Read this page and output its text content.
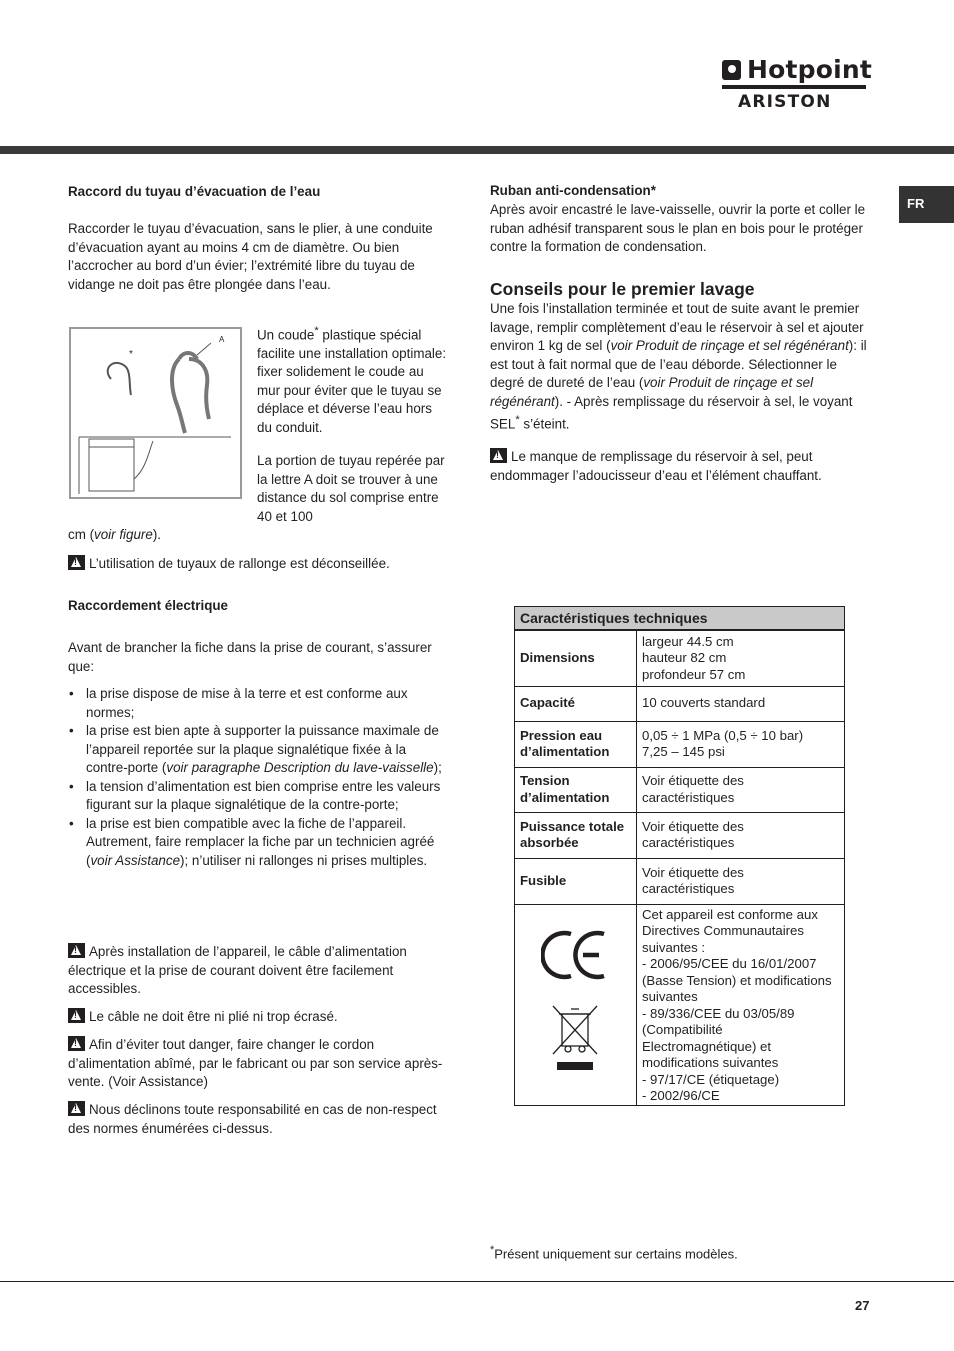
Hotpoint
ARISTON
FR
Raccord du tuyau d’évacuation de l’eau

Raccorder le tuyau d’évacuation, sans le plier, à une conduite d’évacuation ayant au moins 4 cm de diamètre. Ou bien l’accrocher au bord d’un évier; l’extrémité libre du tuyau de vidange ne doit pas être plongée dans l’eau.

A
*

Un coude* plastique spécial facilite une installation optimale: fixer solidement le coude au mur pour éviter que le tuyau se déplace et déverse l’eau hors du conduit.

La portion de tuyau repérée par la lettre A doit se trouver à une distance du sol comprise entre 40 et 100

cm (voir figure).

!L’utilisation de tuyaux de rallonge est déconseillée.

Raccordement électrique

Avant de brancher la fiche dans la prise de courant, s’assurer que:

• la prise dispose de mise à la terre et est conforme aux normes;
• la prise est bien apte à supporter la puissance maximale de l’appareil reportée sur la plaque signalétique fixée à la contre-porte (voir paragraphe Description du lave-vaisselle);
• la tension d’alimentation est bien comprise entre les valeurs figurant sur la plaque signalétique de la contre-porte;
• la prise est bien compatible avec la fiche de l’appareil. Autrement, faire remplacer la fiche par un technicien agréé (voir Assistance); n’utiliser ni rallonges ni prises multiples.

!Après installation de l’appareil, le câble d’alimentation électrique et la prise de courant doivent être facilement accessibles.

!Le câble ne doit être ni plié ni trop écrasé.

!Afin d’éviter tout danger, faire changer le cordon d’alimentation abîmé, par le fabricant ou par son service après-vente. (Voir Assistance)

!Nous déclinons toute responsabilité en cas de non-respect des normes énumérées ci-dessus.

Ruban anti-condensation*

Après avoir encastré le lave-vaisselle, ouvrir la porte et coller le ruban adhésif transparent sous le plan en bois pour le protéger contre la formation de condensation.

Conseils pour le premier lavage

Une fois l’installation terminée et tout de suite avant le premier lavage, remplir complètement d’eau le réservoir à sel et ajouter environ 1 kg de sel (voir Produit de rinçage et sel régénérant): il est tout à fait normal que de l’eau déborde. Sélectionner le degré de dureté de l’eau (voir Produit de rinçage et sel régénérant). - Après remplissage du réservoir à sel, le voyant SEL* s’éteint.

!Le manque de remplissage du réservoir à sel, peut endommager l’adoucisseur d’eau et l’élément chauffant.

Caractéristiques techniques	
Dimensions	largeur 44.5 cm
hauteur 82 cm
profondeur 57 cm
Capacité	10 couverts standard
Pression eau d’alimentation	0,05 ÷ 1 MPa (0,5 ÷ 10 bar)
7,25 – 145 psi
Tension d’alimentation	Voir étiquette des caractéristiques
Puissance totale absorbée	Voir étiquette des caractéristiques
Fusible	Voir étiquette des caractéristiques
	Cet appareil est conforme aux Directives Communautaires suivantes :
- 2006/95/CEE du 16/01/2007 (Basse Tension) et modifications suivantes
- 89/336/CEE du 03/05/89 (Compatibilité Electromagnétique) et modifications suivantes
- 97/17/CE (étiquetage)
- 2002/96/CE

*Présent uniquement sur certains modèles.

27
